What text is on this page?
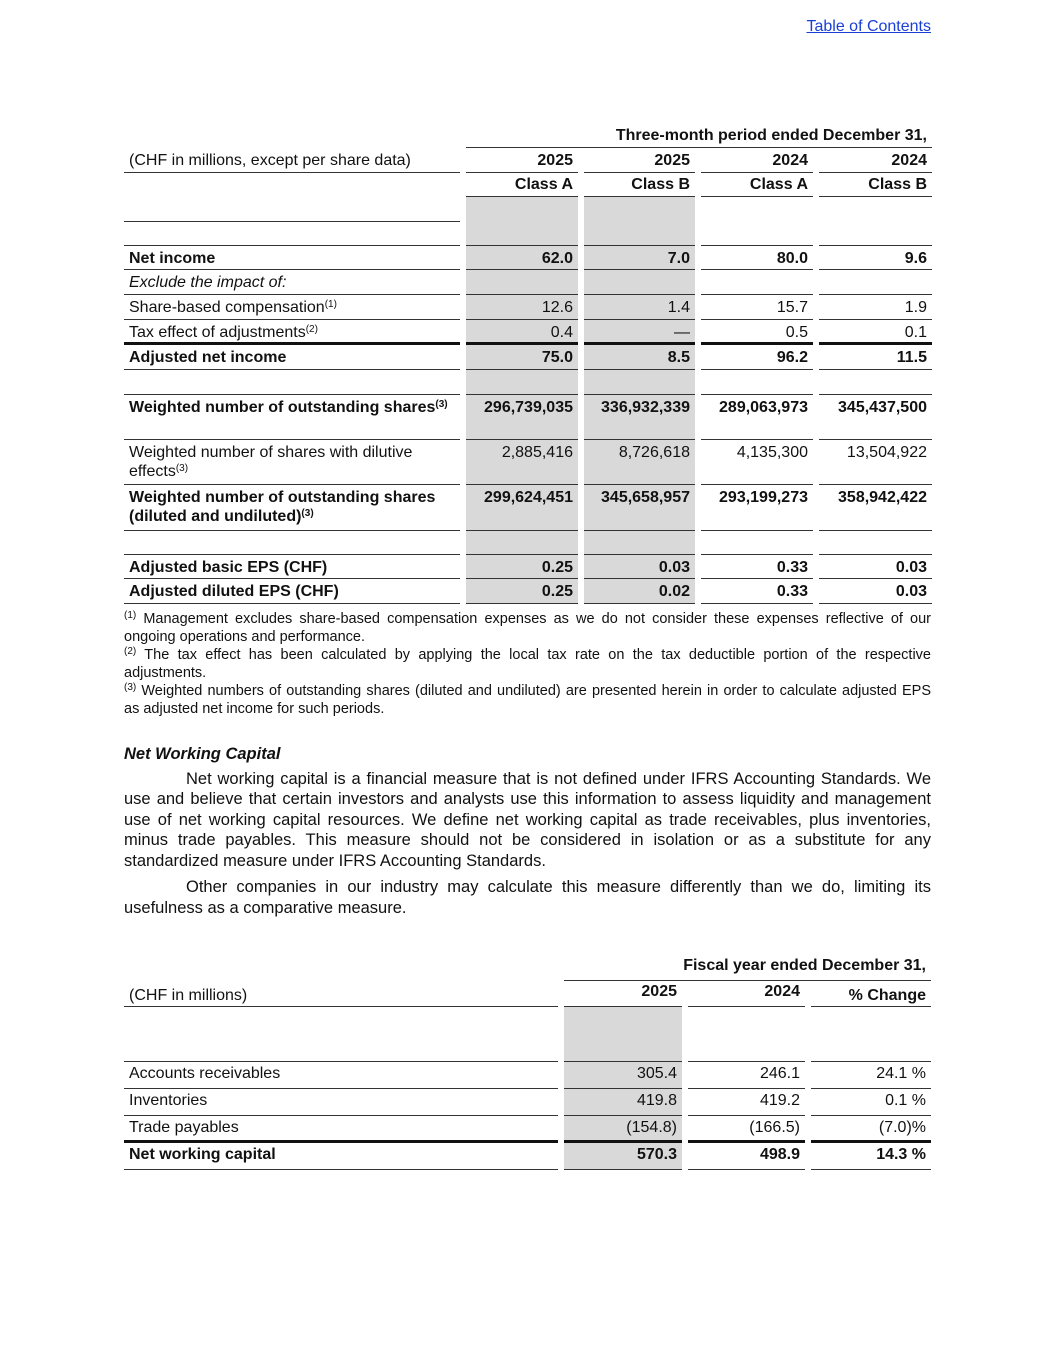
Table of Contents
	Three-month period ended December 31,			
(CHF in millions, except per share data)	2025	2025	2024	2024
	Class A	Class B	Class A	Class B

Net income	62.0	7.0	80.0	9.6
Exclude the impact of:				
Share-based compensation$^{(1)}$	12.6	1.4	15.7	1.9
Tax effect of adjustments$^{(2)}$	0.4	—	0.5	0.1
Adjusted net income	75.0	8.5	96.2	11.5

Weighted number of outstanding shares$^{(3)}$	296,739,035	336,932,339	289,063,973	345,437,500
Weighted number of shares with dilutive effects$^{(3)}$	2,885,416	8,726,618	4,135,300	13,504,922
Weighted number of outstanding shares (diluted and undiluted)$^{(3)}$	299,624,451	345,658,957	293,199,273	358,942,422

Adjusted basic EPS (CHF)	0.25	0.03	0.33	0.03
Adjusted diluted EPS (CHF)	0.25	0.02	0.33	0.03

$^{(1)}$ Management excludes share-based compensation expenses as we do not consider these expenses reflective of our ongoing operations and performance.

$^{(2)}$ The tax effect has been calculated by applying the local tax rate on the tax deductible portion of the respective adjustments.

$^{(3)}$ Weighted numbers of outstanding shares (diluted and undiluted) are presented herein in order to calculate adjusted EPS as adjusted net income for such periods.

Net Working Capital

Net working capital is a financial measure that is not defined under IFRS Accounting Standards. We use and believe that certain investors and analysts use this information to assess liquidity and management use of net working capital resources. We define net working capital as trade receivables, plus inventories, minus trade payables. This measure should not be considered in isolation or as a substitute for any standardized measure under IFRS Accounting Standards.

Other companies in our industry may calculate this measure differently than we do, limiting its usefulness as a comparative measure.

	Fiscal year ended December 31,		
(CHF in millions)	2025	2024	% Change

Accounts receivables	305.4	246.1	24.1 %
Inventories	419.8	419.2	0.1 %
Trade payables	(154.8)	(166.5)	(7.0)%
Net working capital	570.3	498.9	14.3 %
